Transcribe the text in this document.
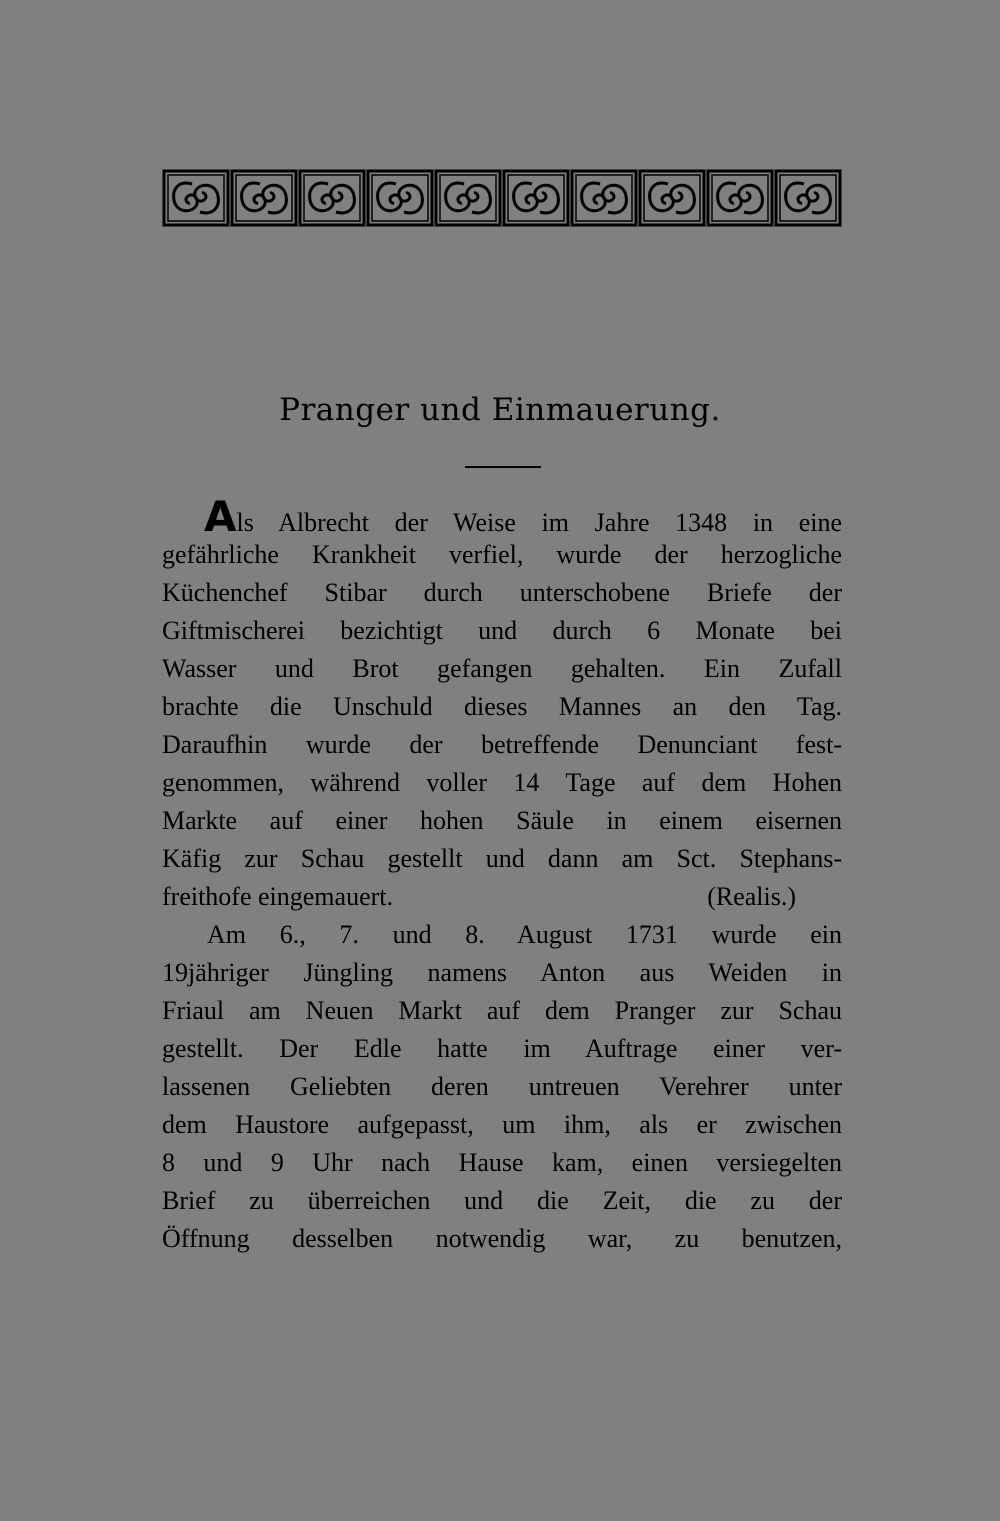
Pranger und Einmauerung.
Als Albrecht der Weise im Jahre 1348 in eine
gefährliche Krankheit verfiel, wurde der herzogliche
Küchenchef Stibar durch unterschobene Briefe der
Giftmischerei bezichtigt und durch 6 Monate bei
Wasser und Brot gefangen gehalten. Ein Zufall
brachte die Unschuld dieses Mannes an den Tag.
Daraufhin wurde der betreffende Denunciant fest-
genommen, während voller 14 Tage auf dem Hohen
Markte auf einer hohen Säule in einem eisernen
Käfig zur Schau gestellt und dann am Sct. Stephans-
freithofe eingemauert.	(Realis.)
Am 6., 7. und 8. August 1731 wurde ein
19jähriger Jüngling namens Anton aus Weiden in
Friaul am Neuen Markt auf dem Pranger zur Schau
gestellt. Der Edle hatte im Auftrage einer ver-
lassenen Geliebten deren untreuen Verehrer unter
dem Haustore aufgepasst, um ihm, als er zwischen
8 und 9 Uhr nach Hause kam, einen versiegelten
Brief zu überreichen und die Zeit, die zu der
Öffnung desselben notwendig war, zu benutzen,
